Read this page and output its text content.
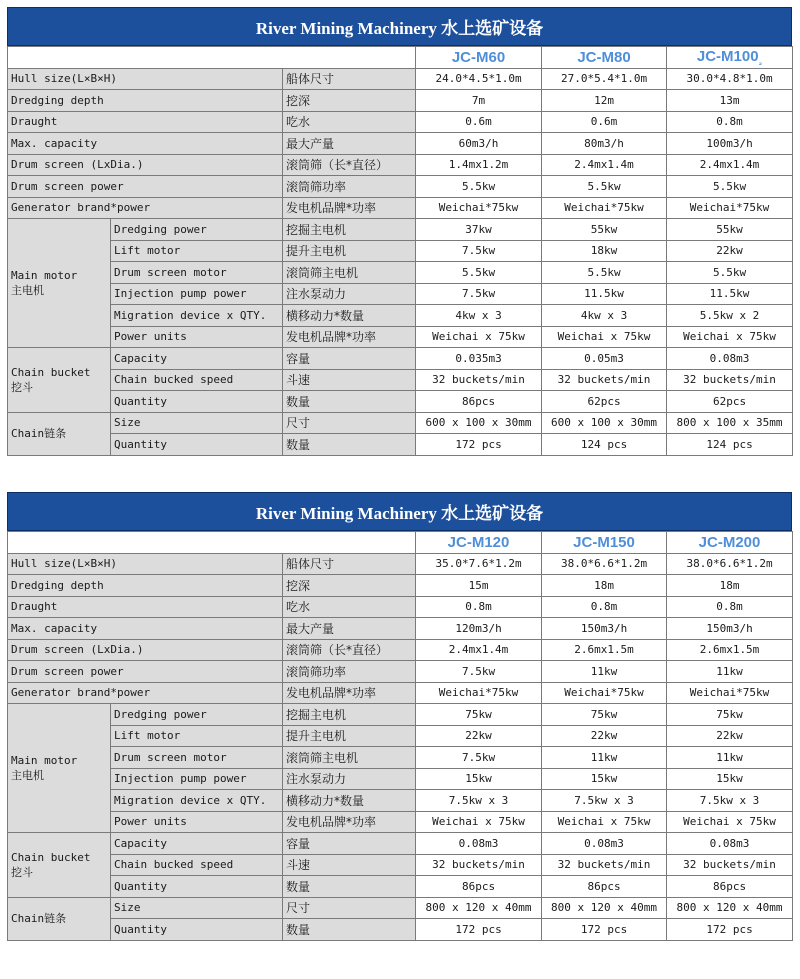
River Mining Machinery 水上选矿设备
			JC-M60	JC-M80	$JC-M100_{_2}$
Hull size(L×B×H)		船体尺寸	24.0*4.5*1.0m	27.0*5.4*1.0m	30.0*4.8*1.0m
Dredging depth		挖深	7m	12m	13m
Draught		吃水	0.6m	0.6m	0.8m
Max. capacity		最大产量	60m3/h	80m3/h	100m3/h
Drum screen (LxDia.)		滚筒筛（长*直径）	1.4mx1.2m	2.4mx1.4m	2.4mx1.4m
Drum screen power		滚筒筛功率	5.5kw	5.5kw	5.5kw
Generator brand*power		发电机品牌*功率	Weichai*75kw	Weichai*75kw	Weichai*75kw

Main motor
主电机	Dredging power	挖掘主电机	37kw	55kw	55kw
	Lift motor	提升主电机	7.5kw	18kw	22kw
	Drum screen motor	滚筒筛主电机	5.5kw	5.5kw	5.5kw
	Injection pump power	注水泵动力	7.5kw	11.5kw	11.5kw
	Migration device x QTY.	横移动力*数量	4kw x 3	4kw x 3	5.5kw x 2
	Power units	发电机品牌*功率	Weichai x 75kw	Weichai x 75kw	Weichai x 75kw

Chain bucket
挖斗	Capacity	容量	0.035m3	0.05m3	0.08m3
	Chain bucked speed	斗速	32 buckets/min	32 buckets/min	32 buckets/min
	Quantity	数量	86pcs	62pcs	62pcs

Chain链条	Size	尺寸	600 x 100 x 30mm	600 x 100 x 30mm	800 x 100 x 35mm
	Quantity	数量	172 pcs	124 pcs	124 pcs
River Mining Machinery 水上选矿设备
			JC-M120	JC-M150	JC-M200
Hull size(L×B×H)		船体尺寸	35.0*7.6*1.2m	38.0*6.6*1.2m	38.0*6.6*1.2m
Dredging depth		挖深	15m	18m	18m
Draught		吃水	0.8m	0.8m	0.8m
Max. capacity		最大产量	120m3/h	150m3/h	150m3/h
Drum screen (LxDia.)		滚筒筛（长*直径）	2.4mx1.4m	2.6mx1.5m	2.6mx1.5m
Drum screen power		滚筒筛功率	7.5kw	11kw	11kw
Generator brand*power		发电机品牌*功率	Weichai*75kw	Weichai*75kw	Weichai*75kw

Main motor
主电机	Dredging power	挖掘主电机	75kw	75kw	75kw
	Lift motor	提升主电机	22kw	22kw	22kw
	Drum screen motor	滚筒筛主电机	7.5kw	11kw	11kw
	Injection pump power	注水泵动力	15kw	15kw	15kw
	Migration device x QTY.	横移动力*数量	7.5kw x 3	7.5kw x 3	7.5kw x 3
	Power units	发电机品牌*功率	Weichai x 75kw	Weichai x 75kw	Weichai x 75kw

Chain bucket
挖斗	Capacity	容量	0.08m3	0.08m3	0.08m3
	Chain bucked speed	斗速	32 buckets/min	32 buckets/min	32 buckets/min
	Quantity	数量	86pcs	86pcs	86pcs

Chain链条	Size	尺寸	800 x 120 x 40mm	800 x 120 x 40mm	800 x 120 x 40mm
	Quantity	数量	172 pcs	172 pcs	172 pcs
